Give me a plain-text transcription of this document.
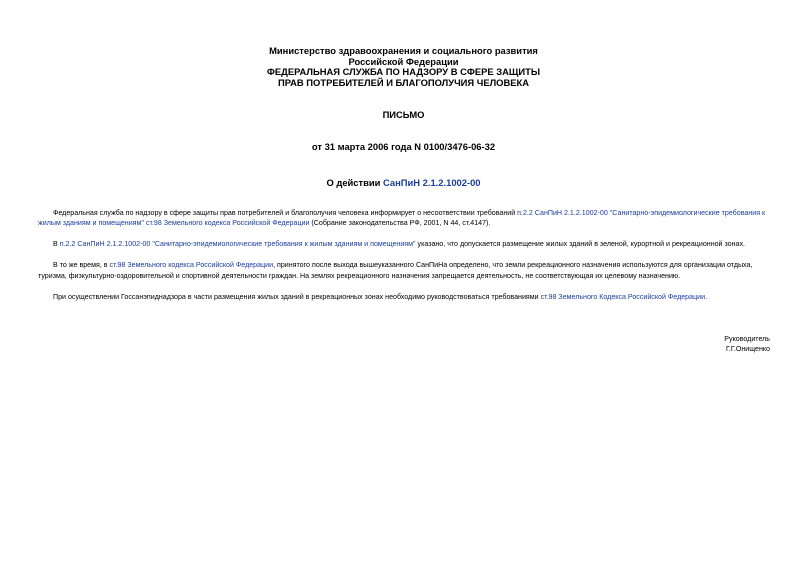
Министерство здравоохранения и социального развития
Российской Федерации
ФЕДЕРАЛЬНАЯ СЛУЖБА ПО НАДЗОРУ В СФЕРЕ ЗАЩИТЫ
ПРАВ ПОТРЕБИТЕЛЕЙ И БЛАГОПОЛУЧИЯ ЧЕЛОВЕКА
ПИСЬМО
от 31 марта 2006 года N 0100/3476-06-32
О действии СанПиН 2.1.2.1002-00

Федеральная служба по надзору в сфере защиты прав потребителей и благополучия человека информирует о несоответствии требований п.2.2 СанПиН 2.1.2.1002-00 "Санитарно-эпидемиологические требования к жилым зданиям и помещениям" ст.98 Земельного кодекса Российской Федерации (Собрание законодательства РФ, 2001, N 44, ст.4147).

В п.2.2 СанПиН 2.1.2.1002-00 "Санитарно-эпидемиологические требования к жилым зданиям и помещениям" указано, что допускается размещение жилых зданий в зеленой, курортной и рекреационной зонах.

В то же время, в ст.98 Земельного кодекса Российской Федерации, принятого после выхода вышеуказанного СанПиНа определено, что земли рекреационного назначения используются для организации отдыха, туризма, физкультурно-оздоровительной и спортивной деятельности граждан. На землях рекреационного назначения запрещается деятельность, не соответствующая их целевому назначению.

При осуществлении Госсанэпиднадзора в части размещения жилых зданий в рекреационных зонах необходимо руководствоваться требованиями ст.98 Земельного Кодекса Российской Федерации.

Руководитель
Г.Г.Онищенко
